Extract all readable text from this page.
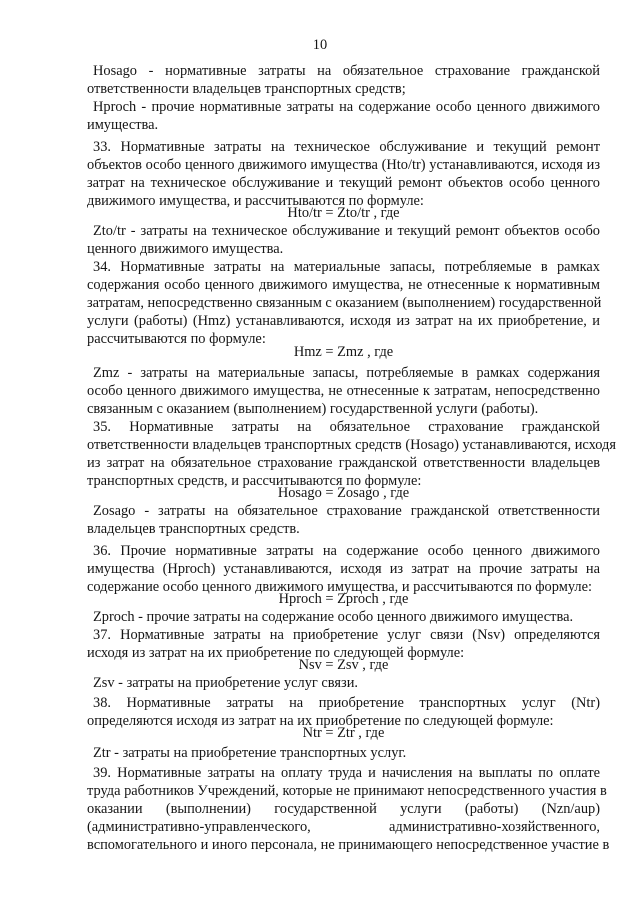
10
Нosago - нормативные затраты на обязательное страхование гражданской
ответственности владельцев транспортных средств;
Нproch - прочие нормативные затраты на содержание особо ценного движимого
имущества.
33. Нормативные затраты на техническое обслуживание и текущий ремонт
объектов особо ценного движимого имущества (Нto/tr) устанавливаются, исходя из
затрат на техническое обслуживание и текущий ремонт объектов особо ценного
движимого имущества, и рассчитываются по формуле:
Нto/tr = Zto/tr , где
Zto/tr - затраты на техническое обслуживание и текущий ремонт объектов особо
ценного движимого имущества.
34. Нормативные затраты на материальные запасы, потребляемые в рамках
содержания особо ценного движимого имущества, не отнесенные к нормативным
затратам, непосредственно связанным с оказанием (выполнением) государственной
услуги (работы) (Нmz) устанавливаются, исходя из затрат на их приобретение, и
рассчитываются по формуле:
Нmz = Zmz , где
Zmz - затраты на материальные запасы, потребляемые в рамках содержания
особо ценного движимого имущества, не отнесенные к затратам, непосредственно
связанным с оказанием (выполнением) государственной услуги (работы).
35. Нормативные затраты на обязательное страхование гражданской
ответственности владельцев транспортных средств (Нosago) устанавливаются, исходя
из затрат на обязательное страхование гражданской ответственности владельцев
транспортных средств, и рассчитываются по формуле:
Нosago = Zosago , где
Zosago - затраты на обязательное страхование гражданской ответственности
владельцев транспортных средств.
36. Прочие нормативные затраты на содержание особо ценного движимого
имущества (Нproch) устанавливаются, исходя из затрат на прочие затраты на
содержание особо ценного движимого имущества, и рассчитываются по формуле:
Нproch = Zproch , где
Zproch - прочие затраты на содержание особо ценного движимого имущества.
37. Нормативные затраты на приобретение услуг связи (Nsv) определяются
исходя из затрат на их приобретение по следующей формуле:
Nsv = Zsv , где
Zsv - затраты на приобретение услуг связи.
38. Нормативные затраты на приобретение транспортных услуг (Ntr)
определяются исходя из затрат на их приобретение по следующей формуле:
Ntr = Ztr , где
Ztr - затраты на приобретение транспортных услуг.
39. Нормативные затраты на оплату труда и начисления на выплаты по оплате
труда работников Учреждений, которые не принимают непосредственного участия в
оказании (выполнении) государственной услуги (работы) (Nzn/aup)
(административно-управленческого, административно-хозяйственного,
вспомогательного и иного персонала, не принимающего непосредственное участие в
